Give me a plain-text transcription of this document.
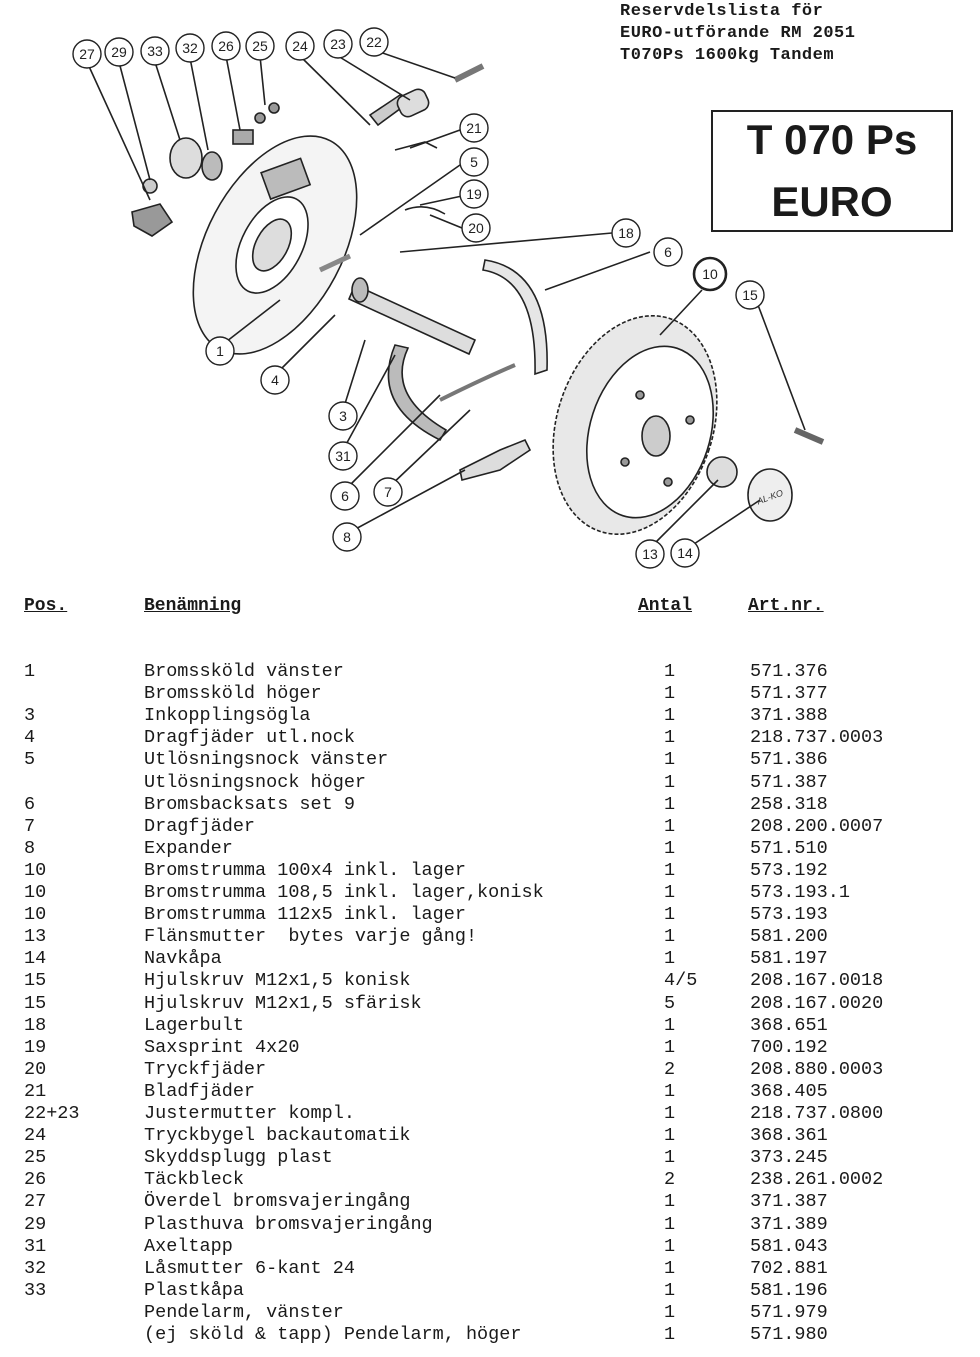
Reservdelslista för
EURO-utförande RM 2051
T070Ps 1600kg Tandem
T 070 Ps
EURO
27 29 33 32 26 25 24 23 22
21
5
19
20	18
6
10
15
1
4
3
31
6	7
8
13 14
AL-KO
Pos.	Benämning	Antal	Art.nr.
1	Bromssköld vänster	1	571.376
Bromssköld höger	1	571.377
3	Inkopplingsögla	1	371.388
4	Dragfjäder utl.nock	1	218.737.0003
5	Utlösningsnock vänster	1	571.386
Utlösningsnock höger	1	571.387
6	Bromsbacksats set 9	1	258.318
7	Dragfjäder	1	208.200.0007
8	Expander	1	571.510
10	Bromstrumma 100x4 inkl. lager	1	573.192
10	Bromstrumma 108,5 inkl. lager,konisk	1	573.193.1
10	Bromstrumma 112x5 inkl. lager	1	573.193
13	Flänsmutter  bytes varje gång!	1	581.200
14	Navkåpa	1	581.197
15	Hjulskruv M12x1,5 konisk	4/5	208.167.0018
15	Hjulskruv M12x1,5 sfärisk	5	208.167.0020
18	Lagerbult	1	368.651
19	Saxsprint 4x20	1	700.192
20	Tryckfjäder	2	208.880.0003
21	Bladfjäder	1	368.405
22+23	Justermutter kompl.	1	218.737.0800
24	Tryckbygel backautomatik	1	368.361
25	Skyddsplugg plast	1	373.245
26	Täckbleck	2	238.261.0002
27	Överdel bromsvajeringång	1	371.387
29	Plasthuva bromsvajeringång	1	371.389
31	Axeltapp	1	581.043
32	Låsmutter 6-kant 24	1	702.881
33	Plastkåpa	1	581.196
Pendelarm, vänster	1	571.979
(ej sköld & tapp) Pendelarm, höger	1	571.980
